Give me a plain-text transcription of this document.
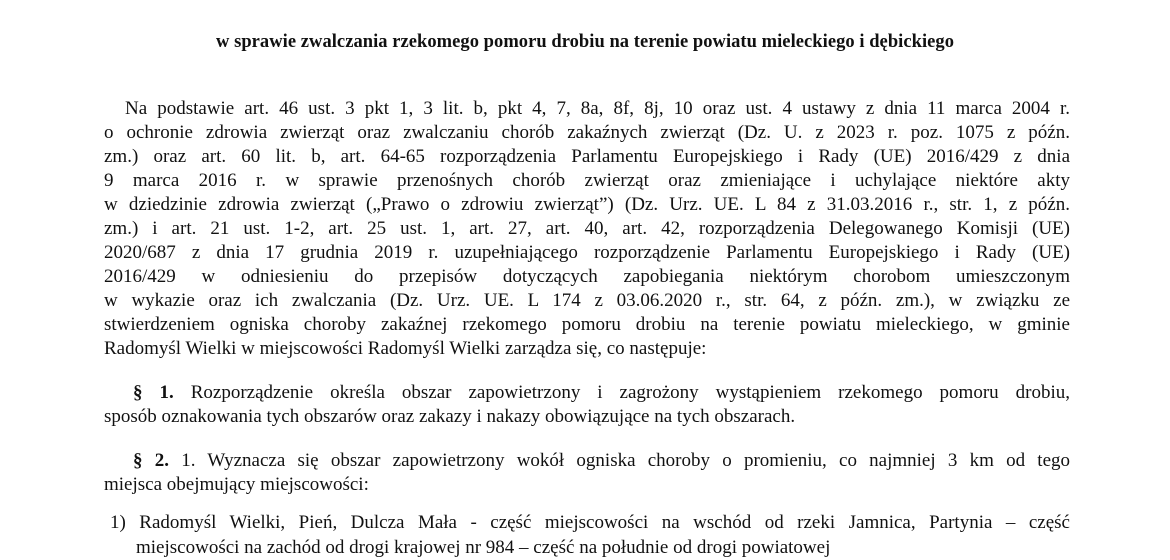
w sprawie zwalczania rzekomego pomoru drobiu na terenie powiatu mieleckiego i dębickiego
Na podstawie art. 46 ust. 3 pkt 1, 3 lit. b, pkt 4, 7, 8a, 8f, 8j, 10 oraz ust. 4 ustawy z dnia 11 marca 2004 r.
o ochronie zdrowia zwierząt oraz zwalczaniu chorób zakaźnych zwierząt (Dz. U. z 2023 r. poz. 1075 z późn.
zm.) oraz art. 60 lit. b, art. 64-65 rozporządzenia Parlamentu Europejskiego i Rady (UE) 2016/429 z dnia
9 marca 2016 r. w sprawie przenośnych chorób zwierząt oraz zmieniające i uchylające niektóre akty
w dziedzinie zdrowia zwierząt („Prawo o zdrowiu zwierząt”) (Dz. Urz. UE. L 84 z 31.03.2016 r., str. 1, z późn.
zm.) i art. 21 ust. 1-2, art. 25 ust. 1, art. 27, art. 40, art. 42, rozporządzenia Delegowanego Komisji (UE)
2020/687 z dnia 17 grudnia 2019 r. uzupełniającego rozporządzenie Parlamentu Europejskiego i Rady (UE)
2016/429 w odniesieniu do przepisów dotyczących zapobiegania niektórym chorobom umieszczonym
w wykazie oraz ich zwalczania (Dz. Urz. UE. L 174 z 03.06.2020 r., str. 64, z późn. zm.), w związku ze
stwierdzeniem ogniska choroby zakaźnej rzekomego pomoru drobiu na terenie powiatu mieleckiego, w gminie
Radomyśl Wielki w miejscowości Radomyśl Wielki zarządza się, co następuje:
§ 1. Rozporządzenie określa obszar zapowietrzony i zagrożony wystąpieniem rzekomego pomoru drobiu,
sposób oznakowania tych obszarów oraz zakazy i nakazy obowiązujące na tych obszarach.
§ 2. 1. Wyznacza się obszar zapowietrzony wokół ogniska choroby o promieniu, co najmniej 3 km od tego
miejsca obejmujący miejscowości:
1) Radomyśl Wielki, Pień, Dulcza Mała - część miejscowości na wschód od rzeki Jamnica, Partynia – część
miejscowości na zachód od drogi krajowej nr 984 – część na południe od drogi powiatowej
